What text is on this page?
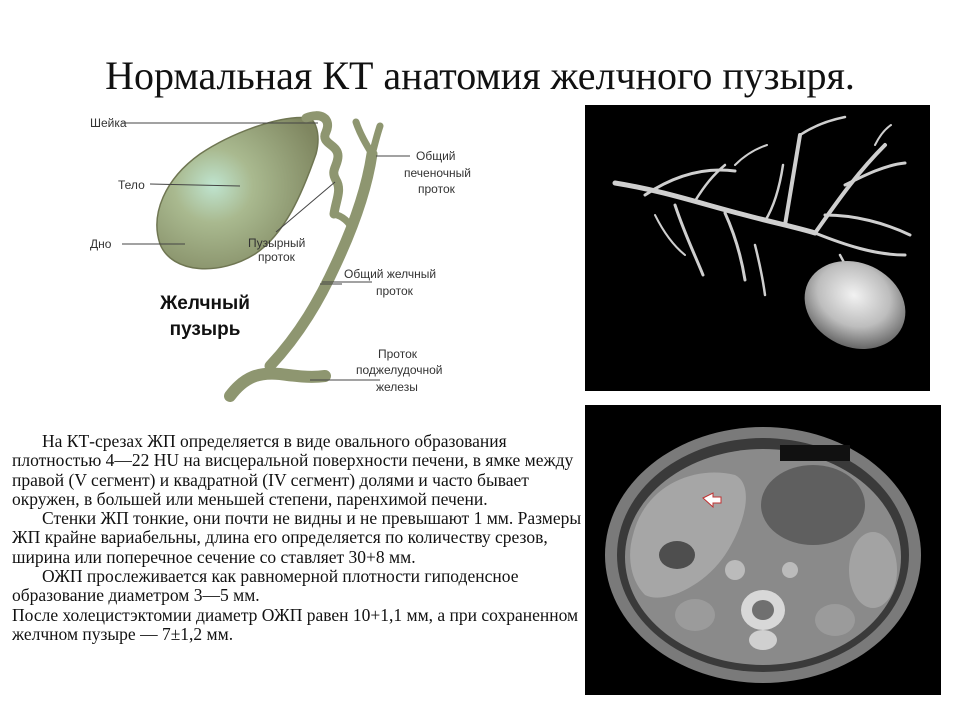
Нормальная КТ анатомия желчного пузыря.
Шейка
Тело
Дно	Пузырный
проток
Общий
печеночный
проток
Общий желчный
проток
Проток
поджелудочной
железы
Желчный
пузырь

На КТ-срезах ЖП определяется в виде овального образования плотностью 4—22 HU на висцеральной поверхности печени, в ямке между правой (V сегмент) и квадратной (IV сегмент) долями и часто бывает окружен, в большей или меньшей степени, паренхимой печени.

Стенки ЖП тонкие, они почти не видны и не превышают 1 мм. Размеры ЖП крайне вариабельны, длина его определяется по количеству срезов, ширина или поперечное сечение со ставляет 30+8 мм.

ОЖП прослеживается как равномерной плотности гиподенсное образование диаметром 3—5 мм.

После холецистэктомии диаметр ОЖП равен 10+1,1 мм, а при сохраненном желчном пузыре — 7±1,2 мм.
